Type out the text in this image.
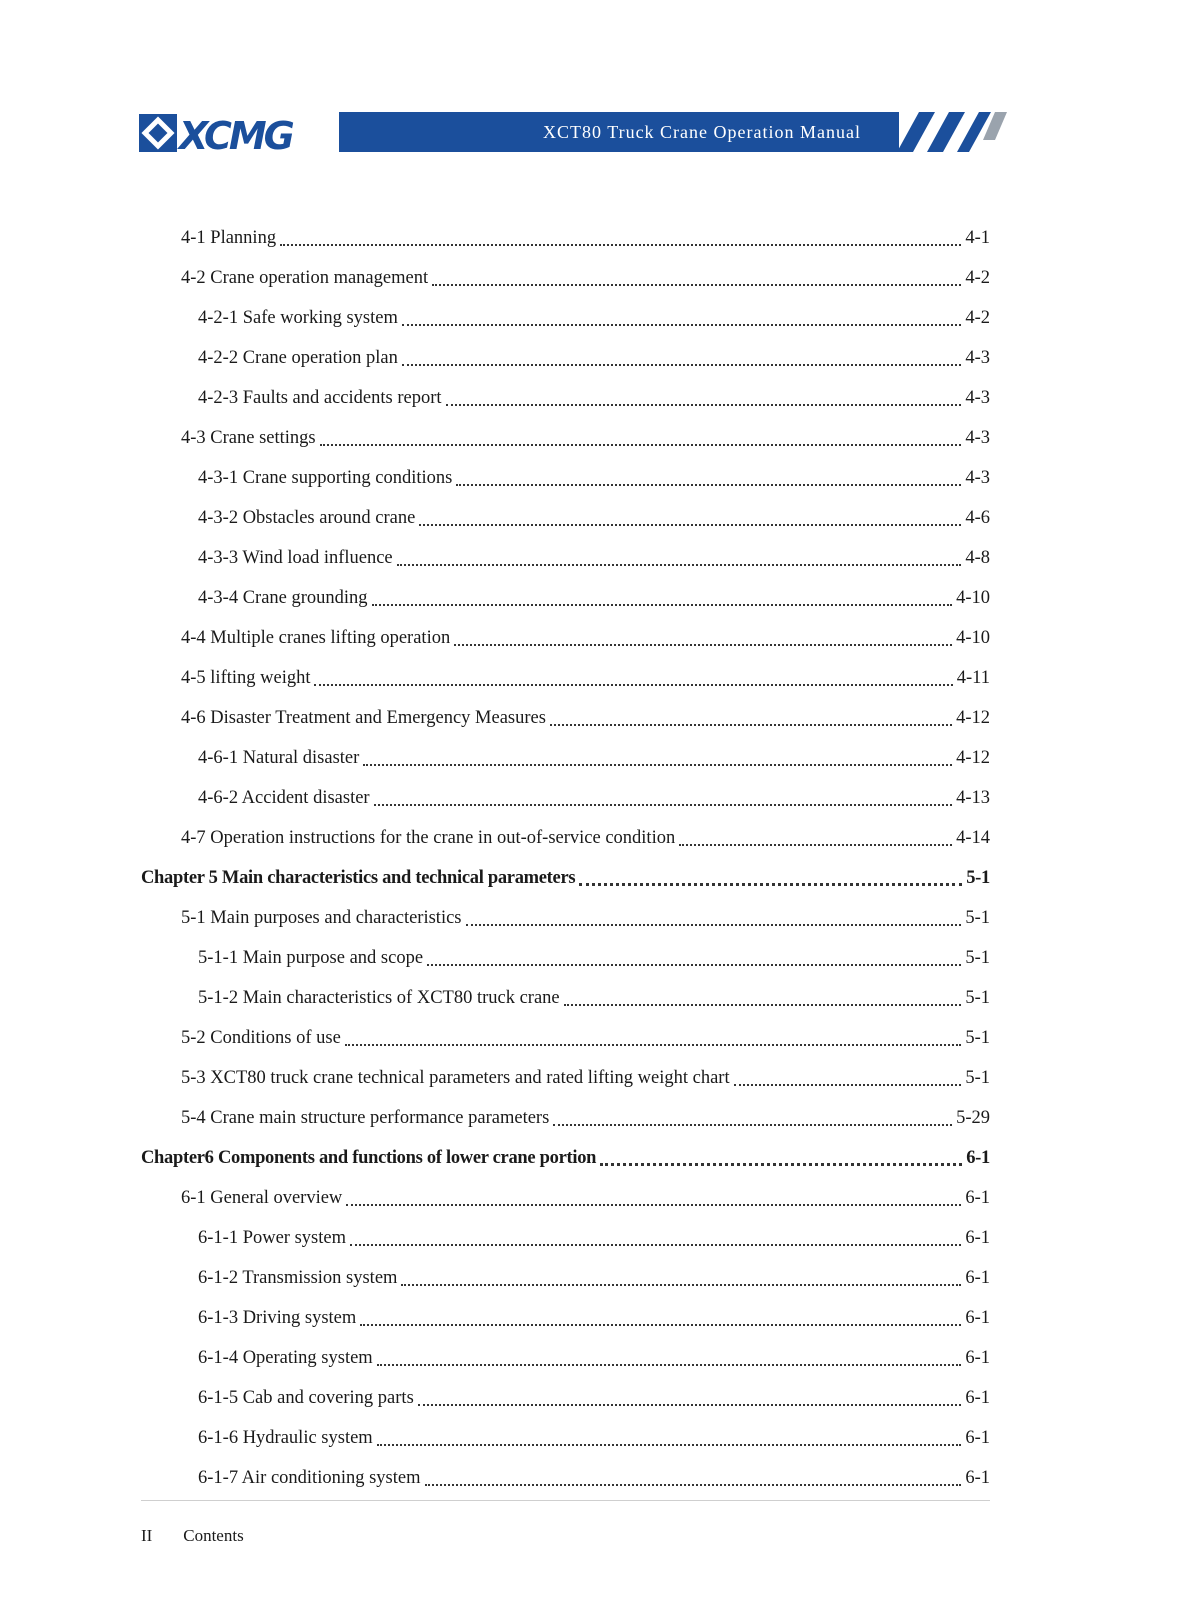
XCMG	XCT80 Truck Crane Operation Manual
4-1 Planning	4-1
4-2 Crane operation management	4-2
4-2-1 Safe working system	4-2
4-2-2 Crane operation plan	4-3
4-2-3 Faults and accidents report	4-3
4-3 Crane settings	4-3
4-3-1 Crane supporting conditions	4-3
4-3-2 Obstacles around crane	4-6
4-3-3 Wind load influence	4-8
4-3-4 Crane grounding	4-10
4-4 Multiple cranes lifting operation	4-10
4-5 lifting weight	4-11
4-6 Disaster Treatment and Emergency Measures	4-12
4-6-1 Natural disaster	4-12
4-6-2 Accident disaster	4-13
4-7 Operation instructions for the crane in out-of-service condition	4-14
Chapter 5 Main characteristics and technical parameters	5-1
5-1 Main purposes and characteristics	5-1
5-1-1 Main purpose and scope	5-1
5-1-2 Main characteristics of XCT80 truck crane	5-1
5-2 Conditions of use	5-1
5-3 XCT80 truck crane technical parameters and rated lifting weight chart	5-1
5-4 Crane main structure performance parameters	5-29
Chapter6 Components and functions of lower crane portion	6-1
6-1 General overview	6-1
6-1-1 Power system	6-1
6-1-2 Transmission system	6-1
6-1-3 Driving system	6-1
6-1-4 Operating system	6-1
6-1-5 Cab and covering parts	6-1
6-1-6 Hydraulic system	6-1
6-1-7 Air conditioning system	6-1
II Contents
